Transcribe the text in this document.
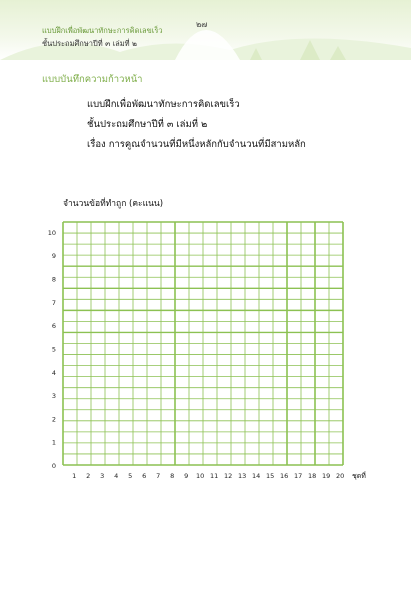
๒๗
แบบฝึกเพื่อพัฒนาทักษะการคิดเลขเร็ว
ชั้นประถมศึกษาปีที่ ๓ เล่มที่ ๒
แบบบันทึกความก้าวหน้า
แบบฝึกเพื่อพัฒนาทักษะการคิดเลขเร็ว
ชั้นประถมศึกษาปีที่ ๓ เล่มที่ ๒
เรื่อง การคูณจำนวนที่มีหนึ่งหลักกับจำนวนที่มีสามหลัก
จำนวนข้อที่ทำถูก (คะแนน)
0
1
2
3
4
5
6
7
8
9
10
1 2 3 4 5 6 7 8 9 10 11 12 13 14 15 16 17 18 19 20 ชุดที่
